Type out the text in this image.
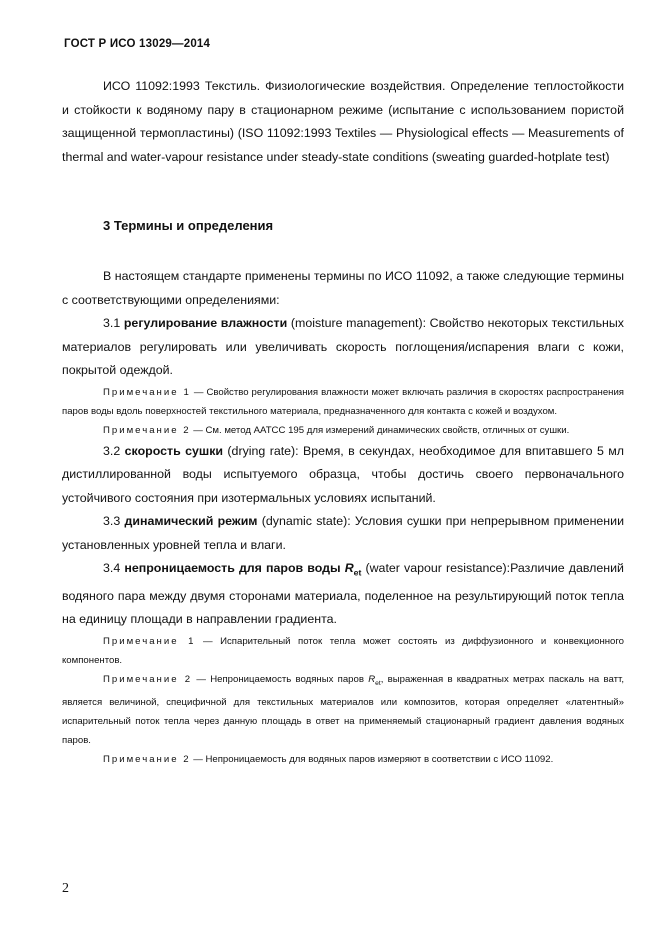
ГОСТ Р ИСО 13029—2014

ИСО 11092:1993 Текстиль. Физиологические воздействия. Определение теплостойкости и стойкости к водяному пару в стационарном режиме (испытание с использованием пористой защищенной термопластины) (ISO 11092:1993 Textiles — Physiological effects — Measurements of thermal and water-vapour resistance under steady-state conditions (sweating guarded-hotplate test)

3 Термины и определения

В настоящем стандарте применены термины по ИСО 11092, а также следующие термины с соответствующими определениями:

3.1 регулирование влажности (moisture management): Свойство некоторых текстильных материалов регулировать или увеличивать скорость поглощения/испарения влаги с кожи, покрытой одеждой.

Примечание 1 — Свойство регулирования влажности может включать различия в скоростях распространения паров воды вдоль поверхностей текстильного материала, предназначенного для контакта с кожей и воздухом.

Примечание 2 — См. метод AATCC 195 для измерений динамических свойств, отличных от сушки.

3.2 скорость сушки (drying rate): Время, в секундах, необходимое для впитавшего 5 мл дистиллированной воды испытуемого образца, чтобы достичь своего первоначального устойчивого состояния при изотермальных условиях испытаний.

3.3 динамический режим (dynamic state): Условия сушки при непрерывном применении установленных уровней тепла и влаги.

3.4 непроницаемость для паров воды $R_{et}$ (water vapour resistance):Различие давлений водяного пара между двумя сторонами материала, поделенное на результирующий поток тепла на единицу площади в направлении градиента.

Примечание 1 — Испарительный поток тепла может состоять из диффузионного и конвекционного компонентов.

Примечание 2 — Непроницаемость водяных паров $R_{et}$, выраженная в квадратных метрах паскаль на ватт, является величиной, специфичной для текстильных материалов или композитов, которая определяет «латентный» испарительный поток тепла через данную площадь в ответ на применяемый стационарный градиент давления водяных паров.

Примечание 2 — Непроницаемость для водяных паров измеряют в соответствии с ИСО 11092.

2
